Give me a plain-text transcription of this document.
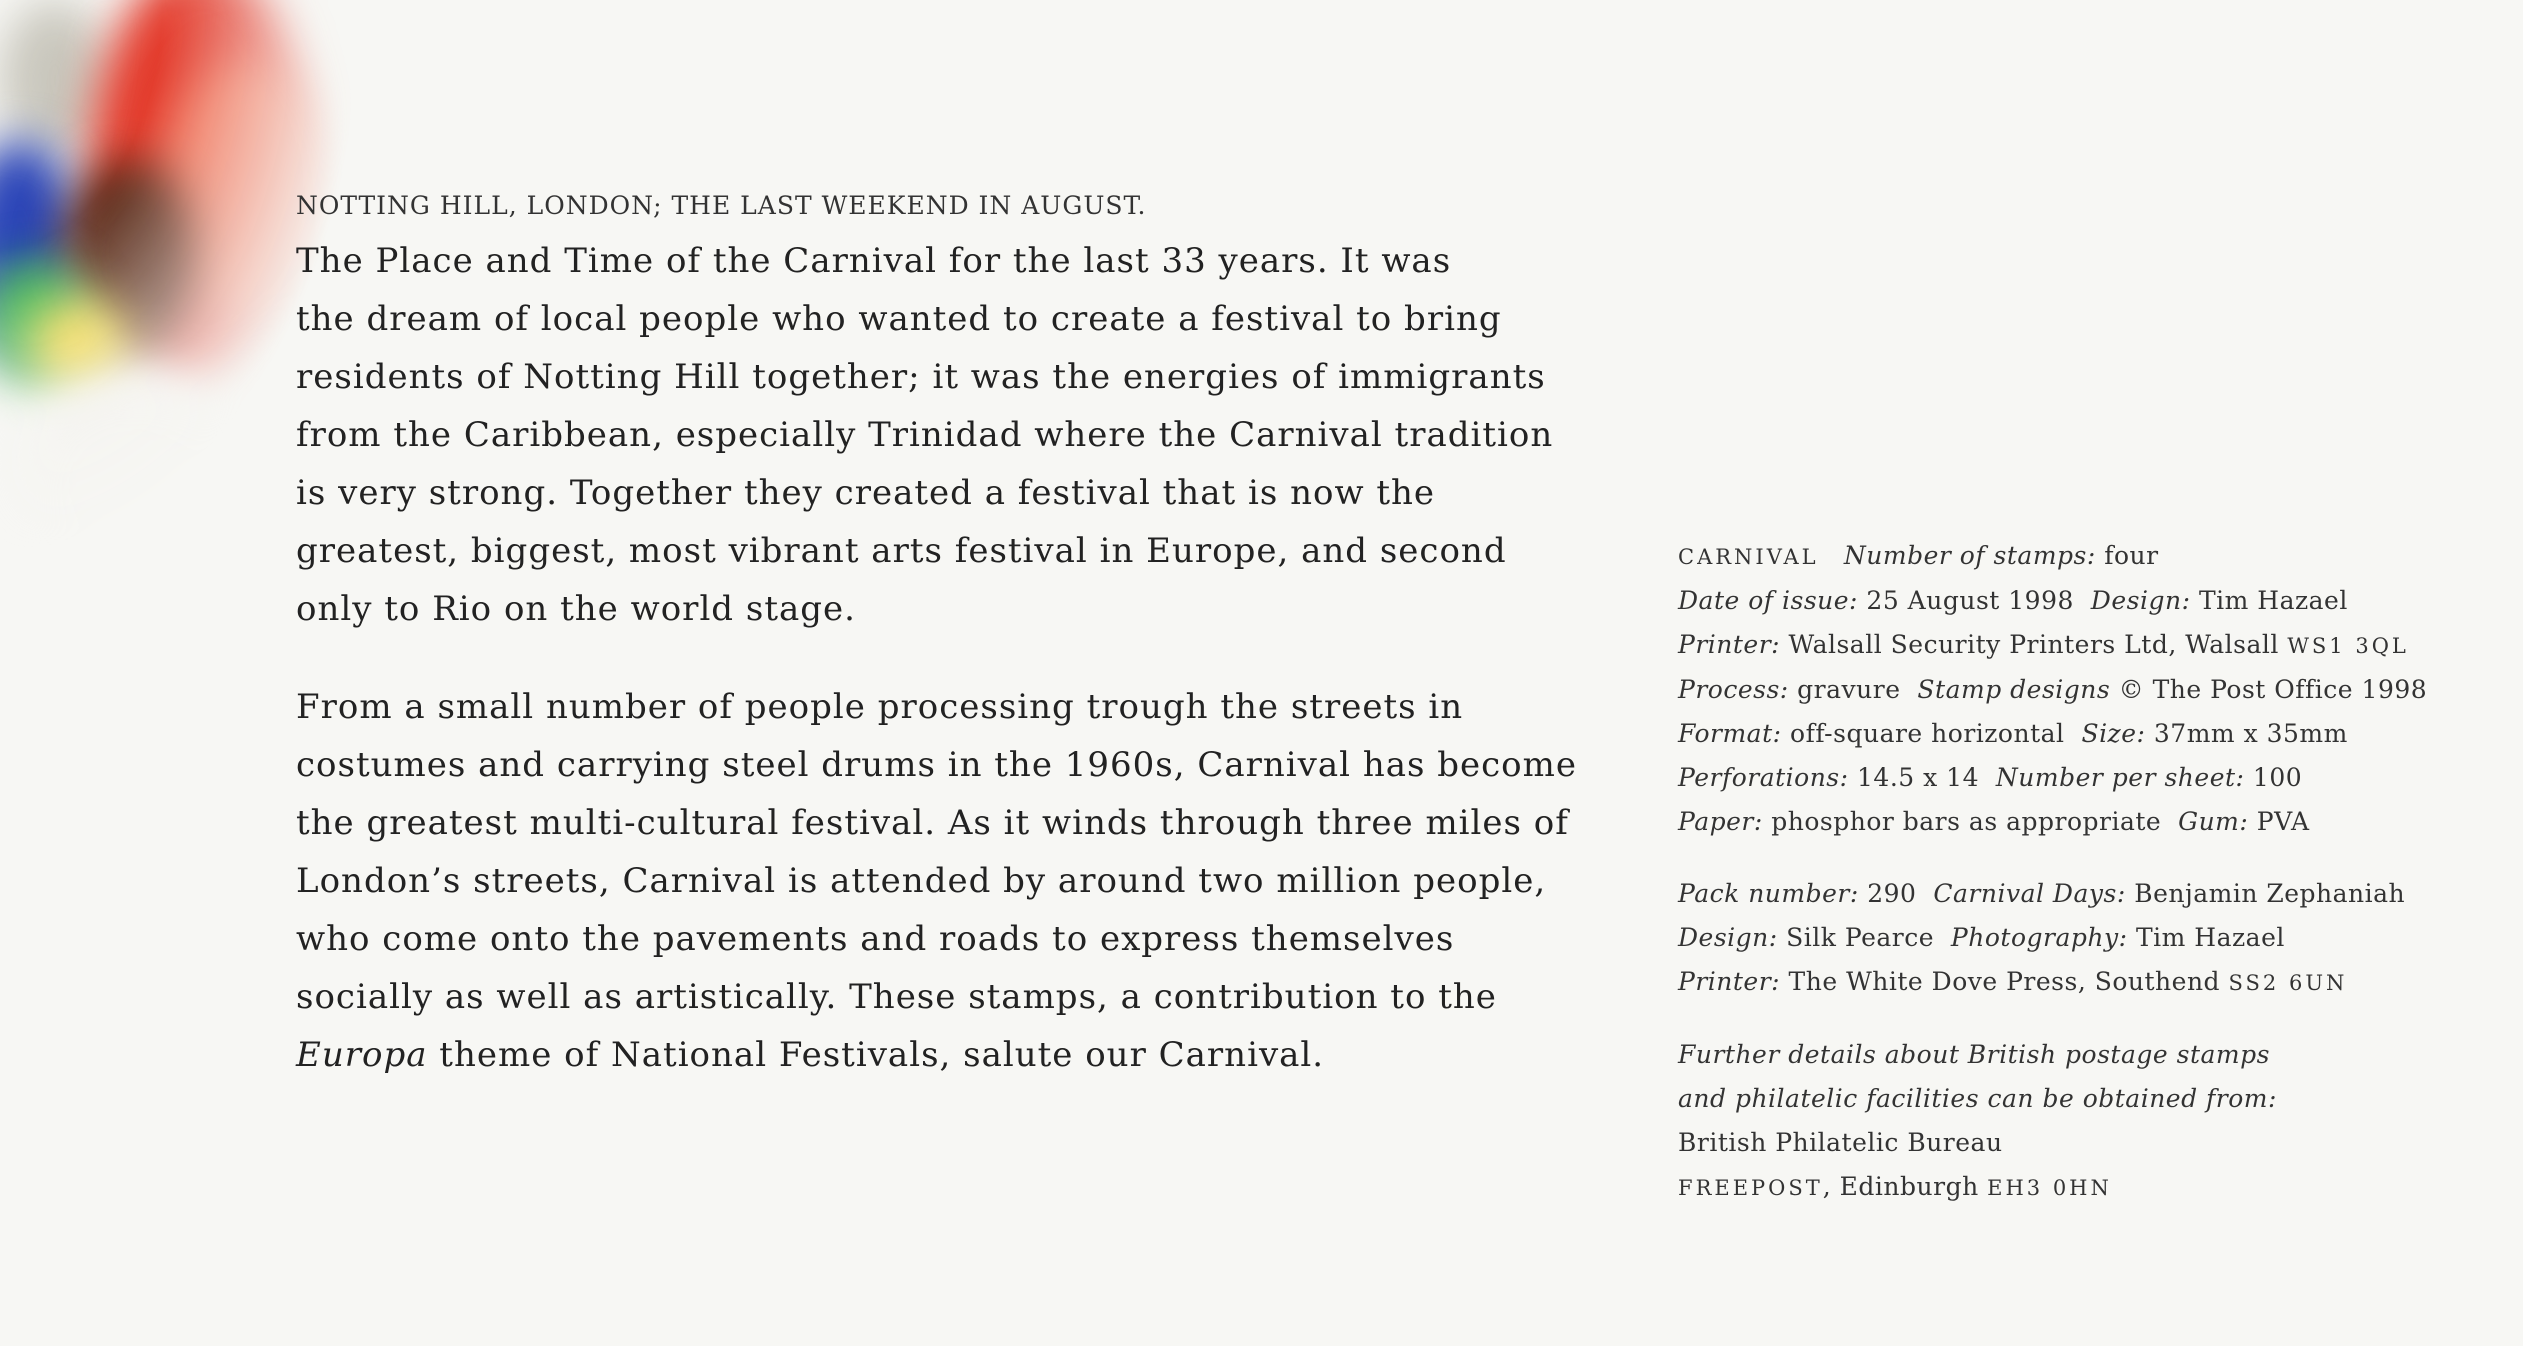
NOTTING HILL, LONDON; THE LAST WEEKEND IN AUGUST.

The Place and Time of the Carnival for the last 33 years. It was
the dream of local people who wanted to create a festival to bring
residents of Notting Hill together; it was the energies of immigrants
from the Caribbean, especially Trinidad where the Carnival tradition
is very strong. Together they created a festival that is now the
greatest, biggest, most vibrant arts festival in Europe, and second
only to Rio on the world stage.

From a small number of people processing trough the streets in
costumes and carrying steel drums in the 1960s, Carnival has become
the greatest multi-cultural festival. As it winds through three miles of
London’s streets, Carnival is attended by around two million people,
who come onto the pavements and roads to express themselves
socially as well as artistically. These stamps, a contribution to the

Europa theme of National Festivals, salute our Carnival.

CARNIVAL Number of stamps: four
Date of issue: 25 August 1998 Design: Tim Hazael
Printer: Walsall Security Printers Ltd, Walsall WS1 3QL
Process: gravure Stamp designs © The Post Office 1998
Format: off-square horizontal Size: 37mm x 35mm
Perforations: 14.5 x 14 Number per sheet: 100
Paper: phosphor bars as appropriate Gum: PVA
Pack number: 290 Carnival Days: Benjamin Zephaniah
Design: Silk Pearce Photography: Tim Hazael
Printer: The White Dove Press, Southend SS2 6UN
Further details about British postage stamps
and philatelic facilities can be obtained from:
British Philatelic Bureau
FREEPOST, Edinburgh EH3 0HN
